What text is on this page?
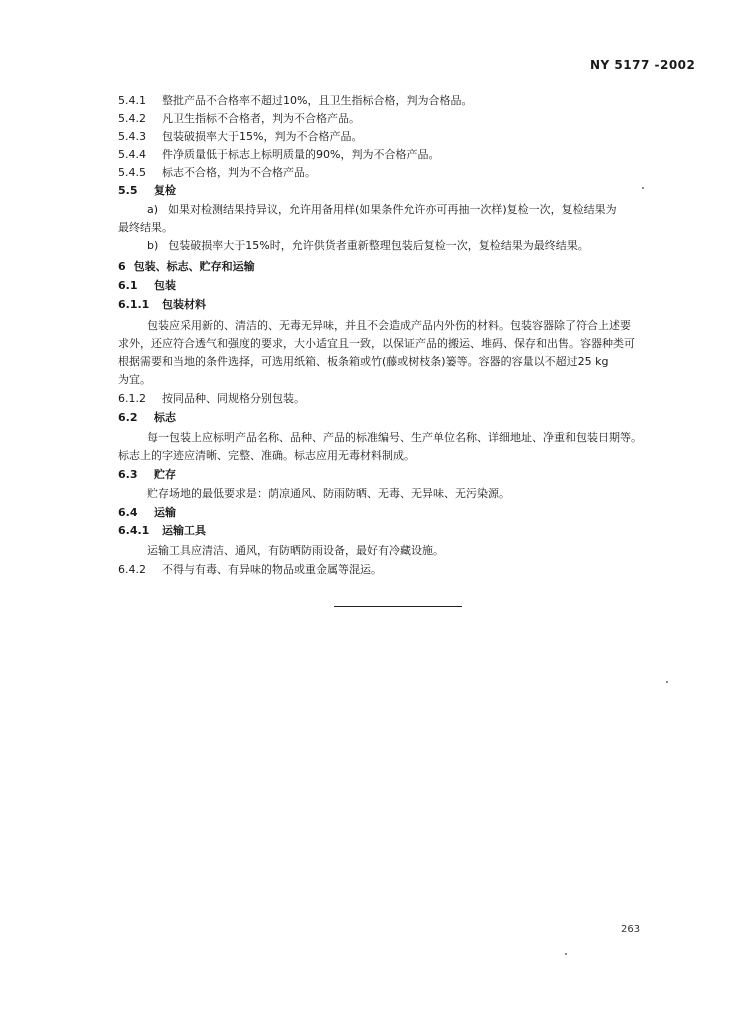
NY 5177 -2002
5.4.1 整批产品不合格率不超过10%，且卫生指标合格，判为合格品。
5.4.2 凡卫生指标不合格者，判为不合格产品。
5.4.3 包装破损率大于15%，判为不合格产品。
5.4.4 件净质量低于标志上标明质量的90%，判为不合格产品。
5.4.5 标志不合格，判为不合格产品。
5.5 复检
a) 如果对检测结果持异议，允许用备用样(如果条件允许亦可再抽一次样)复检一次，复检结果为
最终结果。
b) 包装破损率大于15%时，允许供货者重新整理包装后复检一次，复检结果为最终结果。
6 包装、标志、贮存和运输
6.1 包装
6.1.1 包装材料
包装应采用新的、清洁的、无毒无异味，并且不会造成产品内外伤的材料。包装容器除了符合上述要
求外，还应符合透气和强度的要求，大小适宜且一致，以保证产品的搬运、堆码、保存和出售。容器种类可
根据需要和当地的条件选择，可选用纸箱、板条箱或竹(藤或树枝条)篓等。容器的容量以不超过25 kg
为宜。
6.1.2 按同品种、同规格分别包装。
6.2 标志
每一包装上应标明产品名称、品种、产品的标准编号、生产单位名称、详细地址、净重和包装日期等。
标志上的字迹应清晰、完整、准确。标志应用无毒材料制成。
6.3 贮存
贮存场地的最低要求是：荫凉通风、防雨防晒、无毒、无异味、无污染源。
6.4 运输
6.4.1 运输工具
运输工具应清洁、通风，有防晒防雨设备，最好有冷藏设施。
6.4.2 不得与有毒、有异味的物品或重金属等混运。
263
